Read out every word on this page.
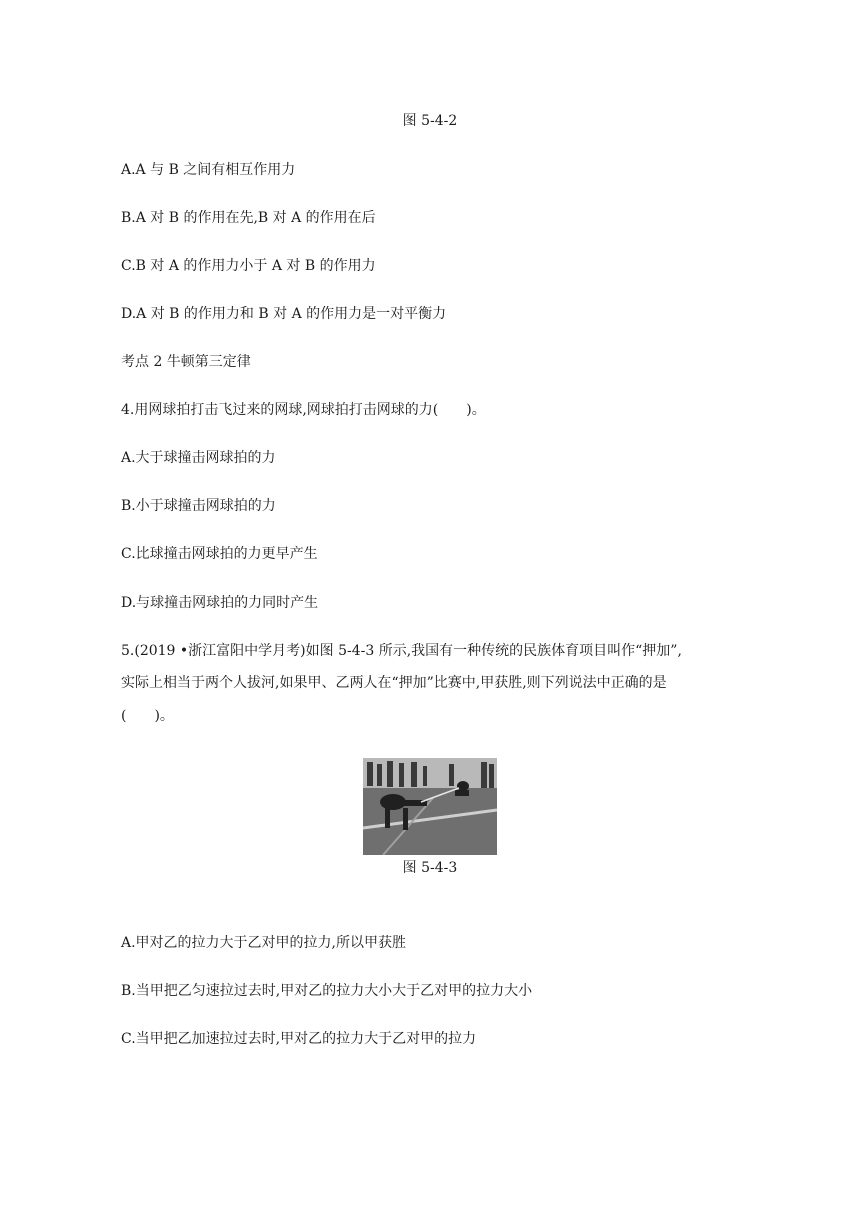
图 5-4-2
A.A 与 B 之间有相互作用力
B.A 对 B 的作用在先,B 对 A 的作用在后
C.B 对 A 的作用力小于 A 对 B 的作用力
D.A 对 B 的作用力和 B 对 A 的作用力是一对平衡力
考点 2 牛顿第三定律
4.用网球拍打击飞过来的网球,网球拍打击网球的力(　　)。
A.大于球撞击网球拍的力
B.小于球撞击网球拍的力
C.比球撞击网球拍的力更早产生
D.与球撞击网球拍的力同时产生
5.(2019 •浙江富阳中学月考)如图 5-4-3 所示,我国有一种传统的民族体育项目叫作“押加”,
实际上相当于两个人拔河,如果甲、乙两人在“押加”比赛中,甲获胜,则下列说法中正确的是
(　　)。
图 5-4-3
A.甲对乙的拉力大于乙对甲的拉力,所以甲获胜
B.当甲把乙匀速拉过去时,甲对乙的拉力大小大于乙对甲的拉力大小
C.当甲把乙加速拉过去时,甲对乙的拉力大于乙对甲的拉力
